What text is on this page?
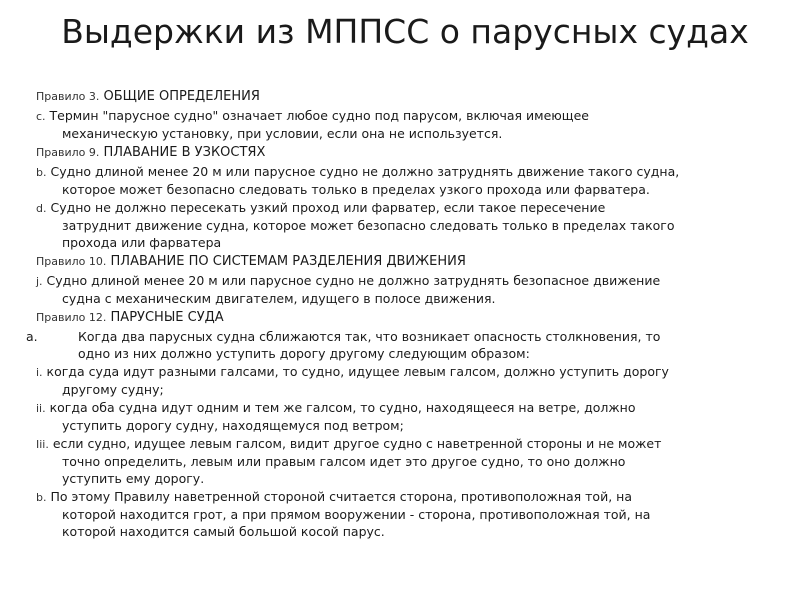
Выдержки из МППСС о парусных судах
Правило 3. ОБЩИЕ ОПРЕДЕЛЕНИЯ
c. Термин "парусное судно" означает любое судно под парусом, включая имеющее
механическую установку, при условии, если она не используется.
Правило 9. ПЛАВАНИЕ В УЗКОСТЯХ
b. Судно длиной менее 20 м или парусное судно не должно затруднять движение такого судна,
которое может безопасно следовать только в пределах узкого прохода или фарватера.
d. Судно не должно пересекать узкий проход или фарватер, если такое пересечение
затруднит движение судна, которое может безопасно следовать только в пределах такого
прохода или фарватера
Правило 10. ПЛАВАНИЕ ПО СИСТЕМАМ РАЗДЕЛЕНИЯ ДВИЖЕНИЯ
j. Судно длиной менее 20 м или парусное судно не должно затруднять безопасное движение
судна с механическим двигателем, идущего в полосе движения.
Правило 12. ПАРУСНЫЕ СУДА
a.	Когда два парусных судна сближаются так, что возникает опасность столкновения, то
одно из них должно уступить дорогу другому следующим образом:
i. когда суда идут разными галсами, то судно, идущее левым галсом, должно уступить дорогу
другому судну;
ii. когда оба судна идут одним и тем же галсом, то судно, находящееся на ветре, должно
уступить дорогу судну, находящемуся под ветром;
Iii. если судно, идущее левым галсом, видит другое судно с наветренной стороны и не может
точно определить, левым или правым галсом идет это другое судно, то оно должно
уступить ему дорогу.
b. По этому Правилу наветренной стороной считается сторона, противоположная той, на
которой находится грот, а при прямом вооружении - сторона, противоположная той, на
которой находится самый большой косой парус.
